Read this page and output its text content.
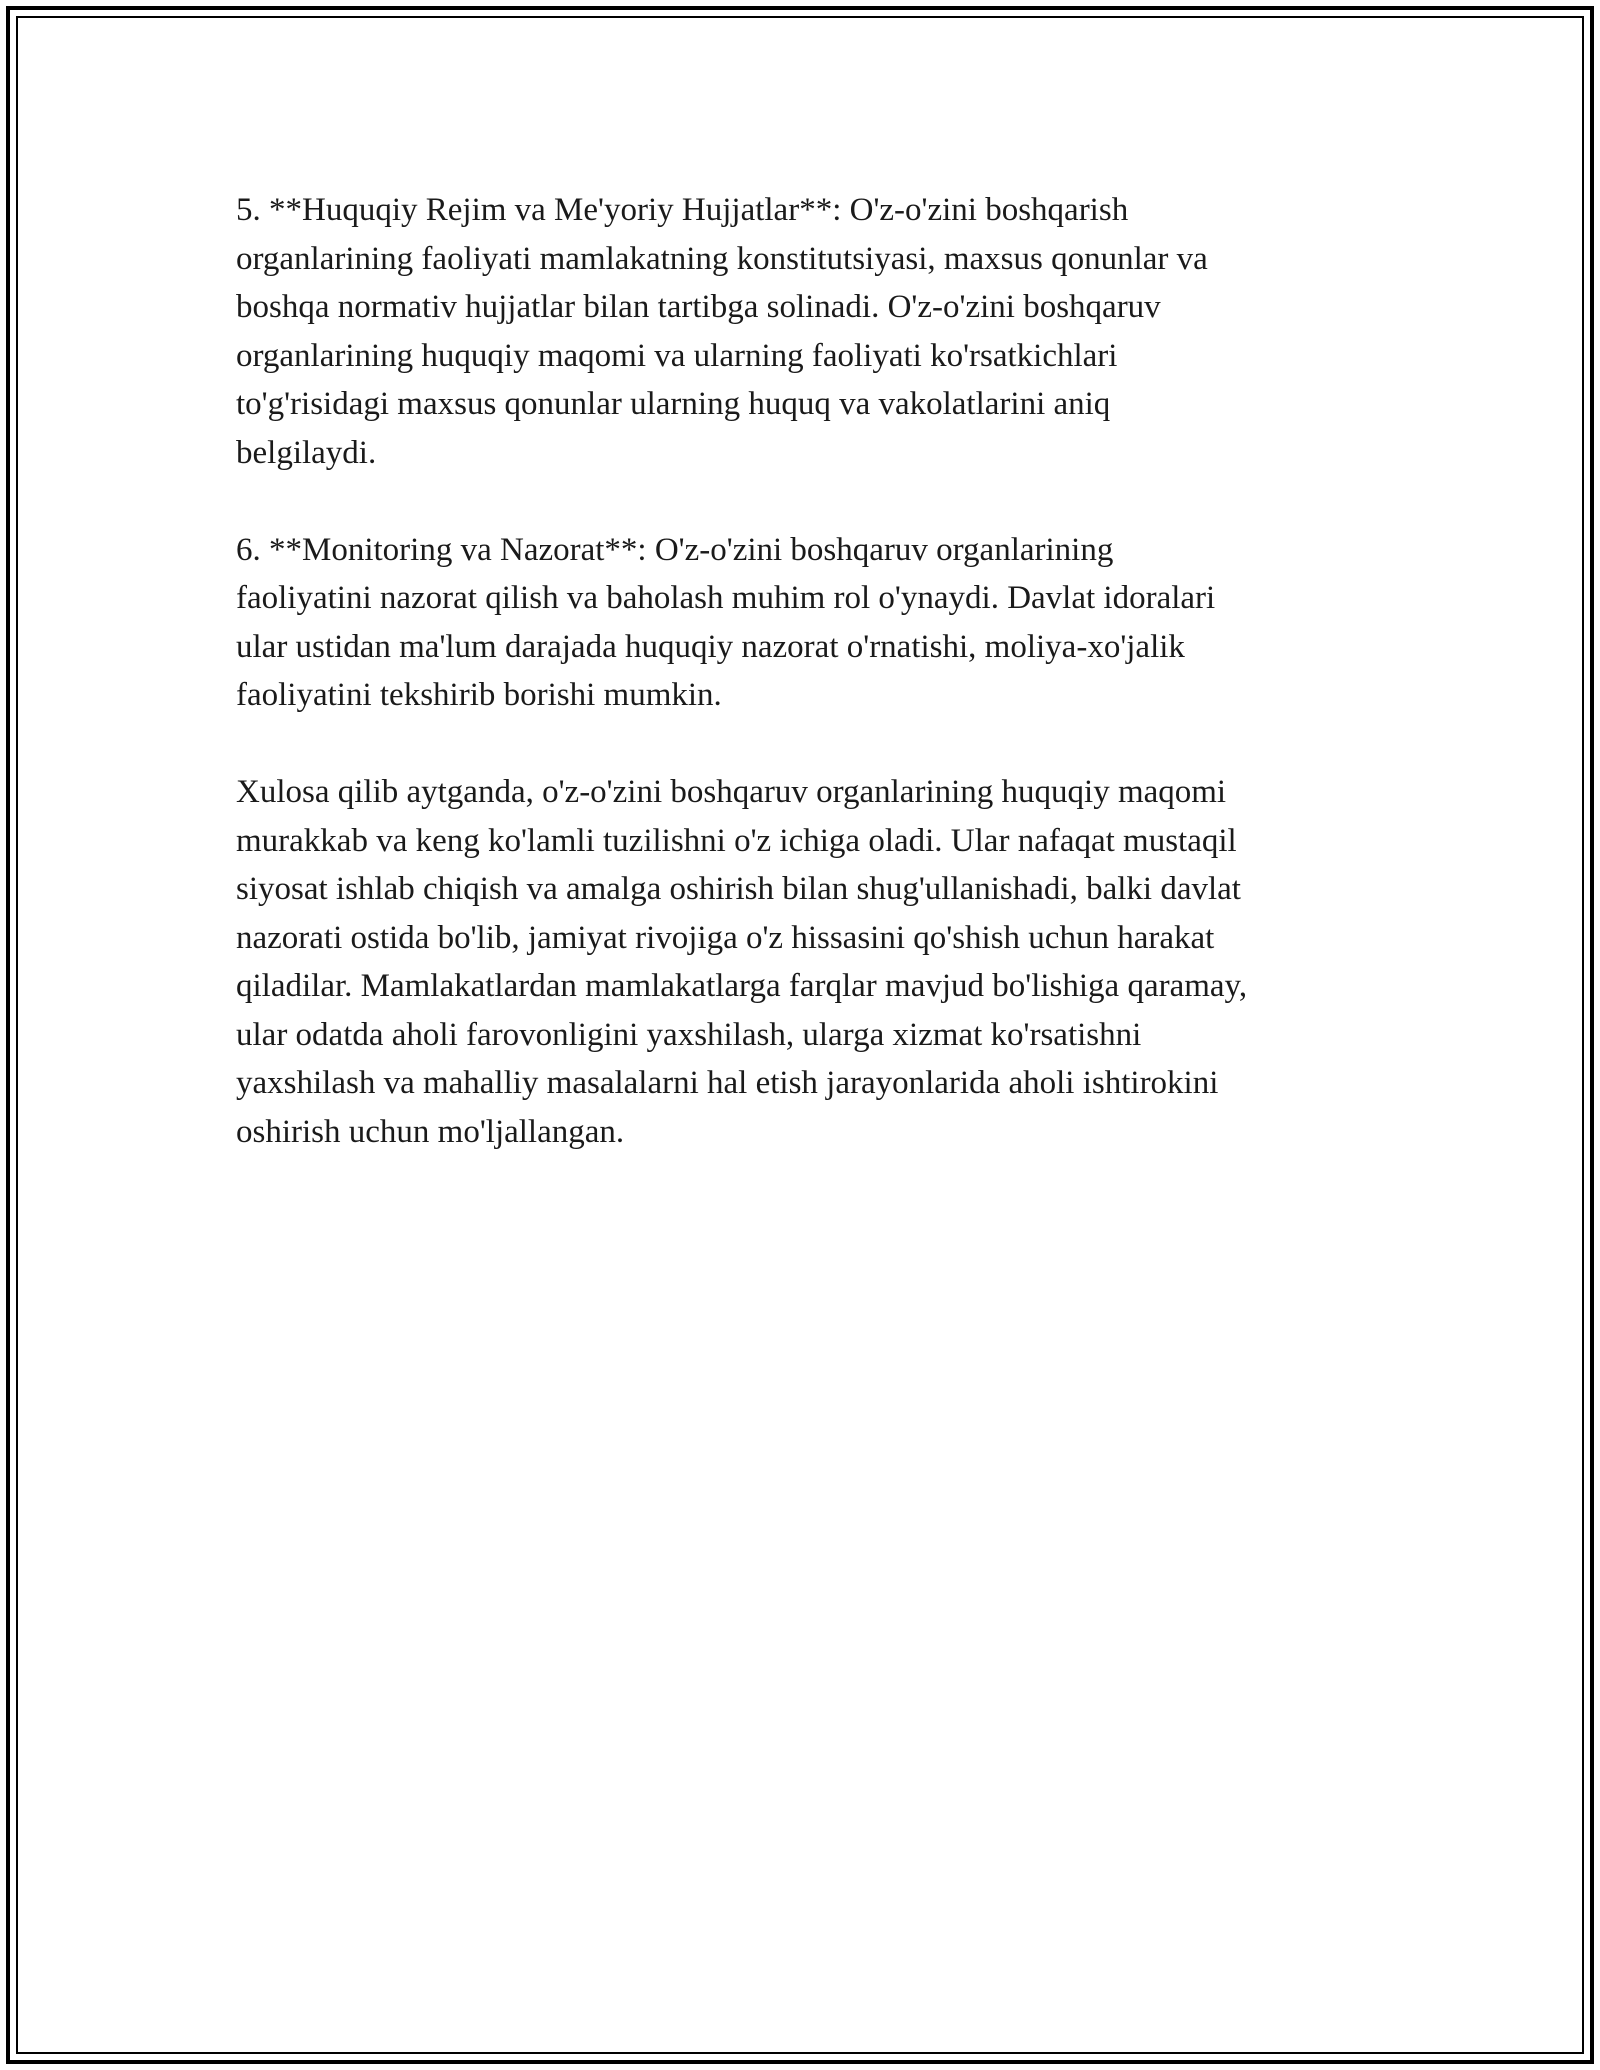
5. **Huquqiy Rejim va Me'yoriy Hujjatlar**: O'z-o'zini boshqarish
organlarining faoliyati mamlakatning konstitutsiyasi, maxsus qonunlar va
boshqa normativ hujjatlar bilan tartibga solinadi. O'z-o'zini boshqaruv
organlarining huquqiy maqomi va ularning faoliyati ko'rsatkichlari
to'g'risidagi maxsus qonunlar ularning huquq va vakolatlarini aniq
belgilaydi.

6. **Monitoring va Nazorat**: O'z-o'zini boshqaruv organlarining
faoliyatini nazorat qilish va baholash muhim rol o'ynaydi. Davlat idoralari
ular ustidan ma'lum darajada huquqiy nazorat o'rnatishi, moliya-xo'jalik
faoliyatini tekshirib borishi mumkin.

Xulosa qilib aytganda, o'z-o'zini boshqaruv organlarining huquqiy maqomi
murakkab va keng ko'lamli tuzilishni o'z ichiga oladi. Ular nafaqat mustaqil
siyosat ishlab chiqish va amalga oshirish bilan shug'ullanishadi, balki davlat
nazorati ostida bo'lib, jamiyat rivojiga o'z hissasini qo'shish uchun harakat
qiladilar. Mamlakatlardan mamlakatlarga farqlar mavjud bo'lishiga qaramay,
ular odatda aholi farovonligini yaxshilash, ularga xizmat ko'rsatishni
yaxshilash va mahalliy masalalarni hal etish jarayonlarida aholi ishtirokini
oshirish uchun mo'ljallangan.
